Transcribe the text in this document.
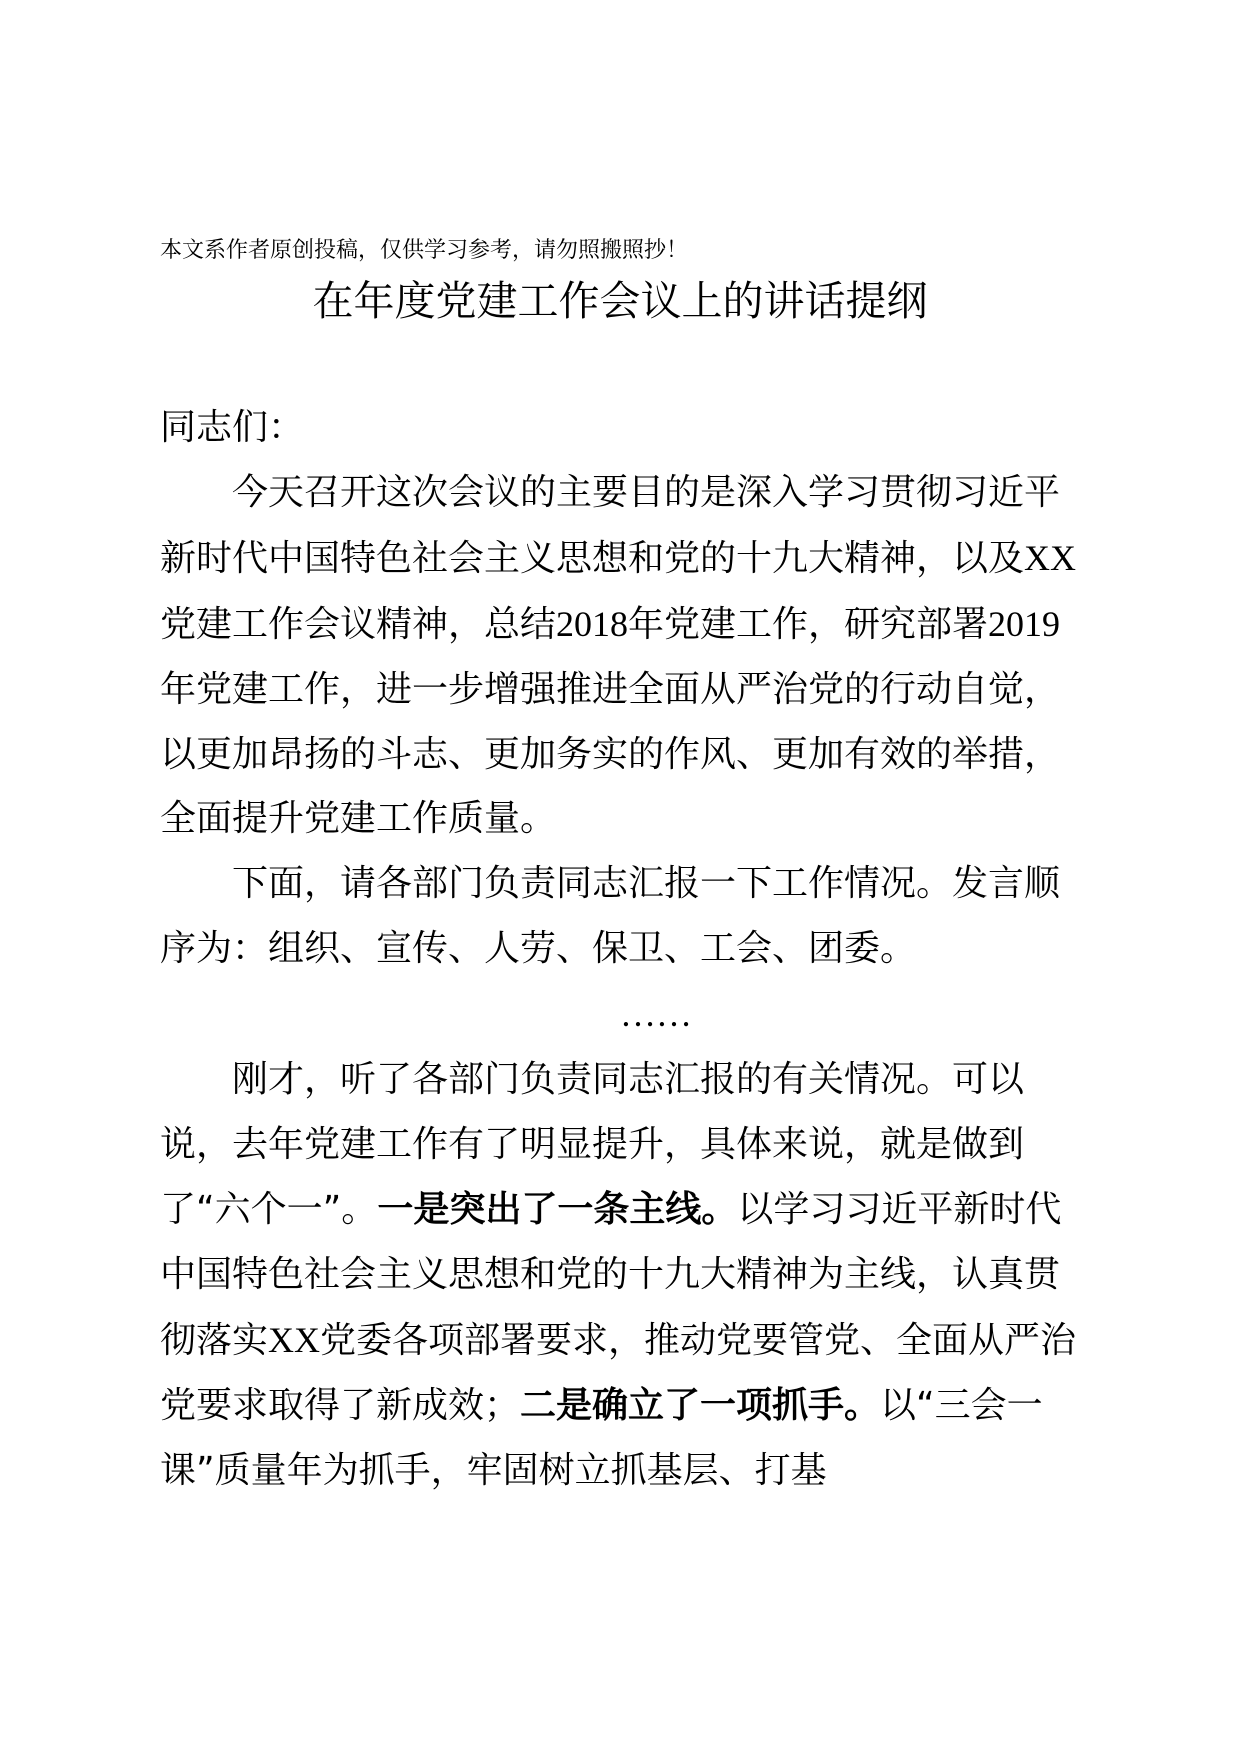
本文系作者原创投稿，仅供学习参考，请勿照搬照抄！
在年度党建工作会议上的讲话提纲

同志们：

今天召开这次会议的主要目的是深入学习贯彻习近平新时代中国特色社会主义思想和党的十九大精神，以及XX党建工作会议精神，总结2018年党建工作，研究部署2019年党建工作，进一步增强推进全面从严治党的行动自觉，以更加昂扬的斗志、更加务实的作风、更加有效的举措，全面提升党建工作质量。

下面，请各部门负责同志汇报一下工作情况。发言顺序为：组织、宣传、人劳、保卫、工会、团委。

……

刚才，听了各部门负责同志汇报的有关情况。可以说，去年党建工作有了明显提升，具体来说，就是做到了“六个一”。一是突出了一条主线。以学习习近平新时代中国特色社会主义思想和党的十九大精神为主线，认真贯彻落实XX党委各项部署要求，推动党要管党、全面从严治党要求取得了新成效；二是确立了一项抓手。以“三会一课”质量年为抓手，牢固树立抓基层、打基
